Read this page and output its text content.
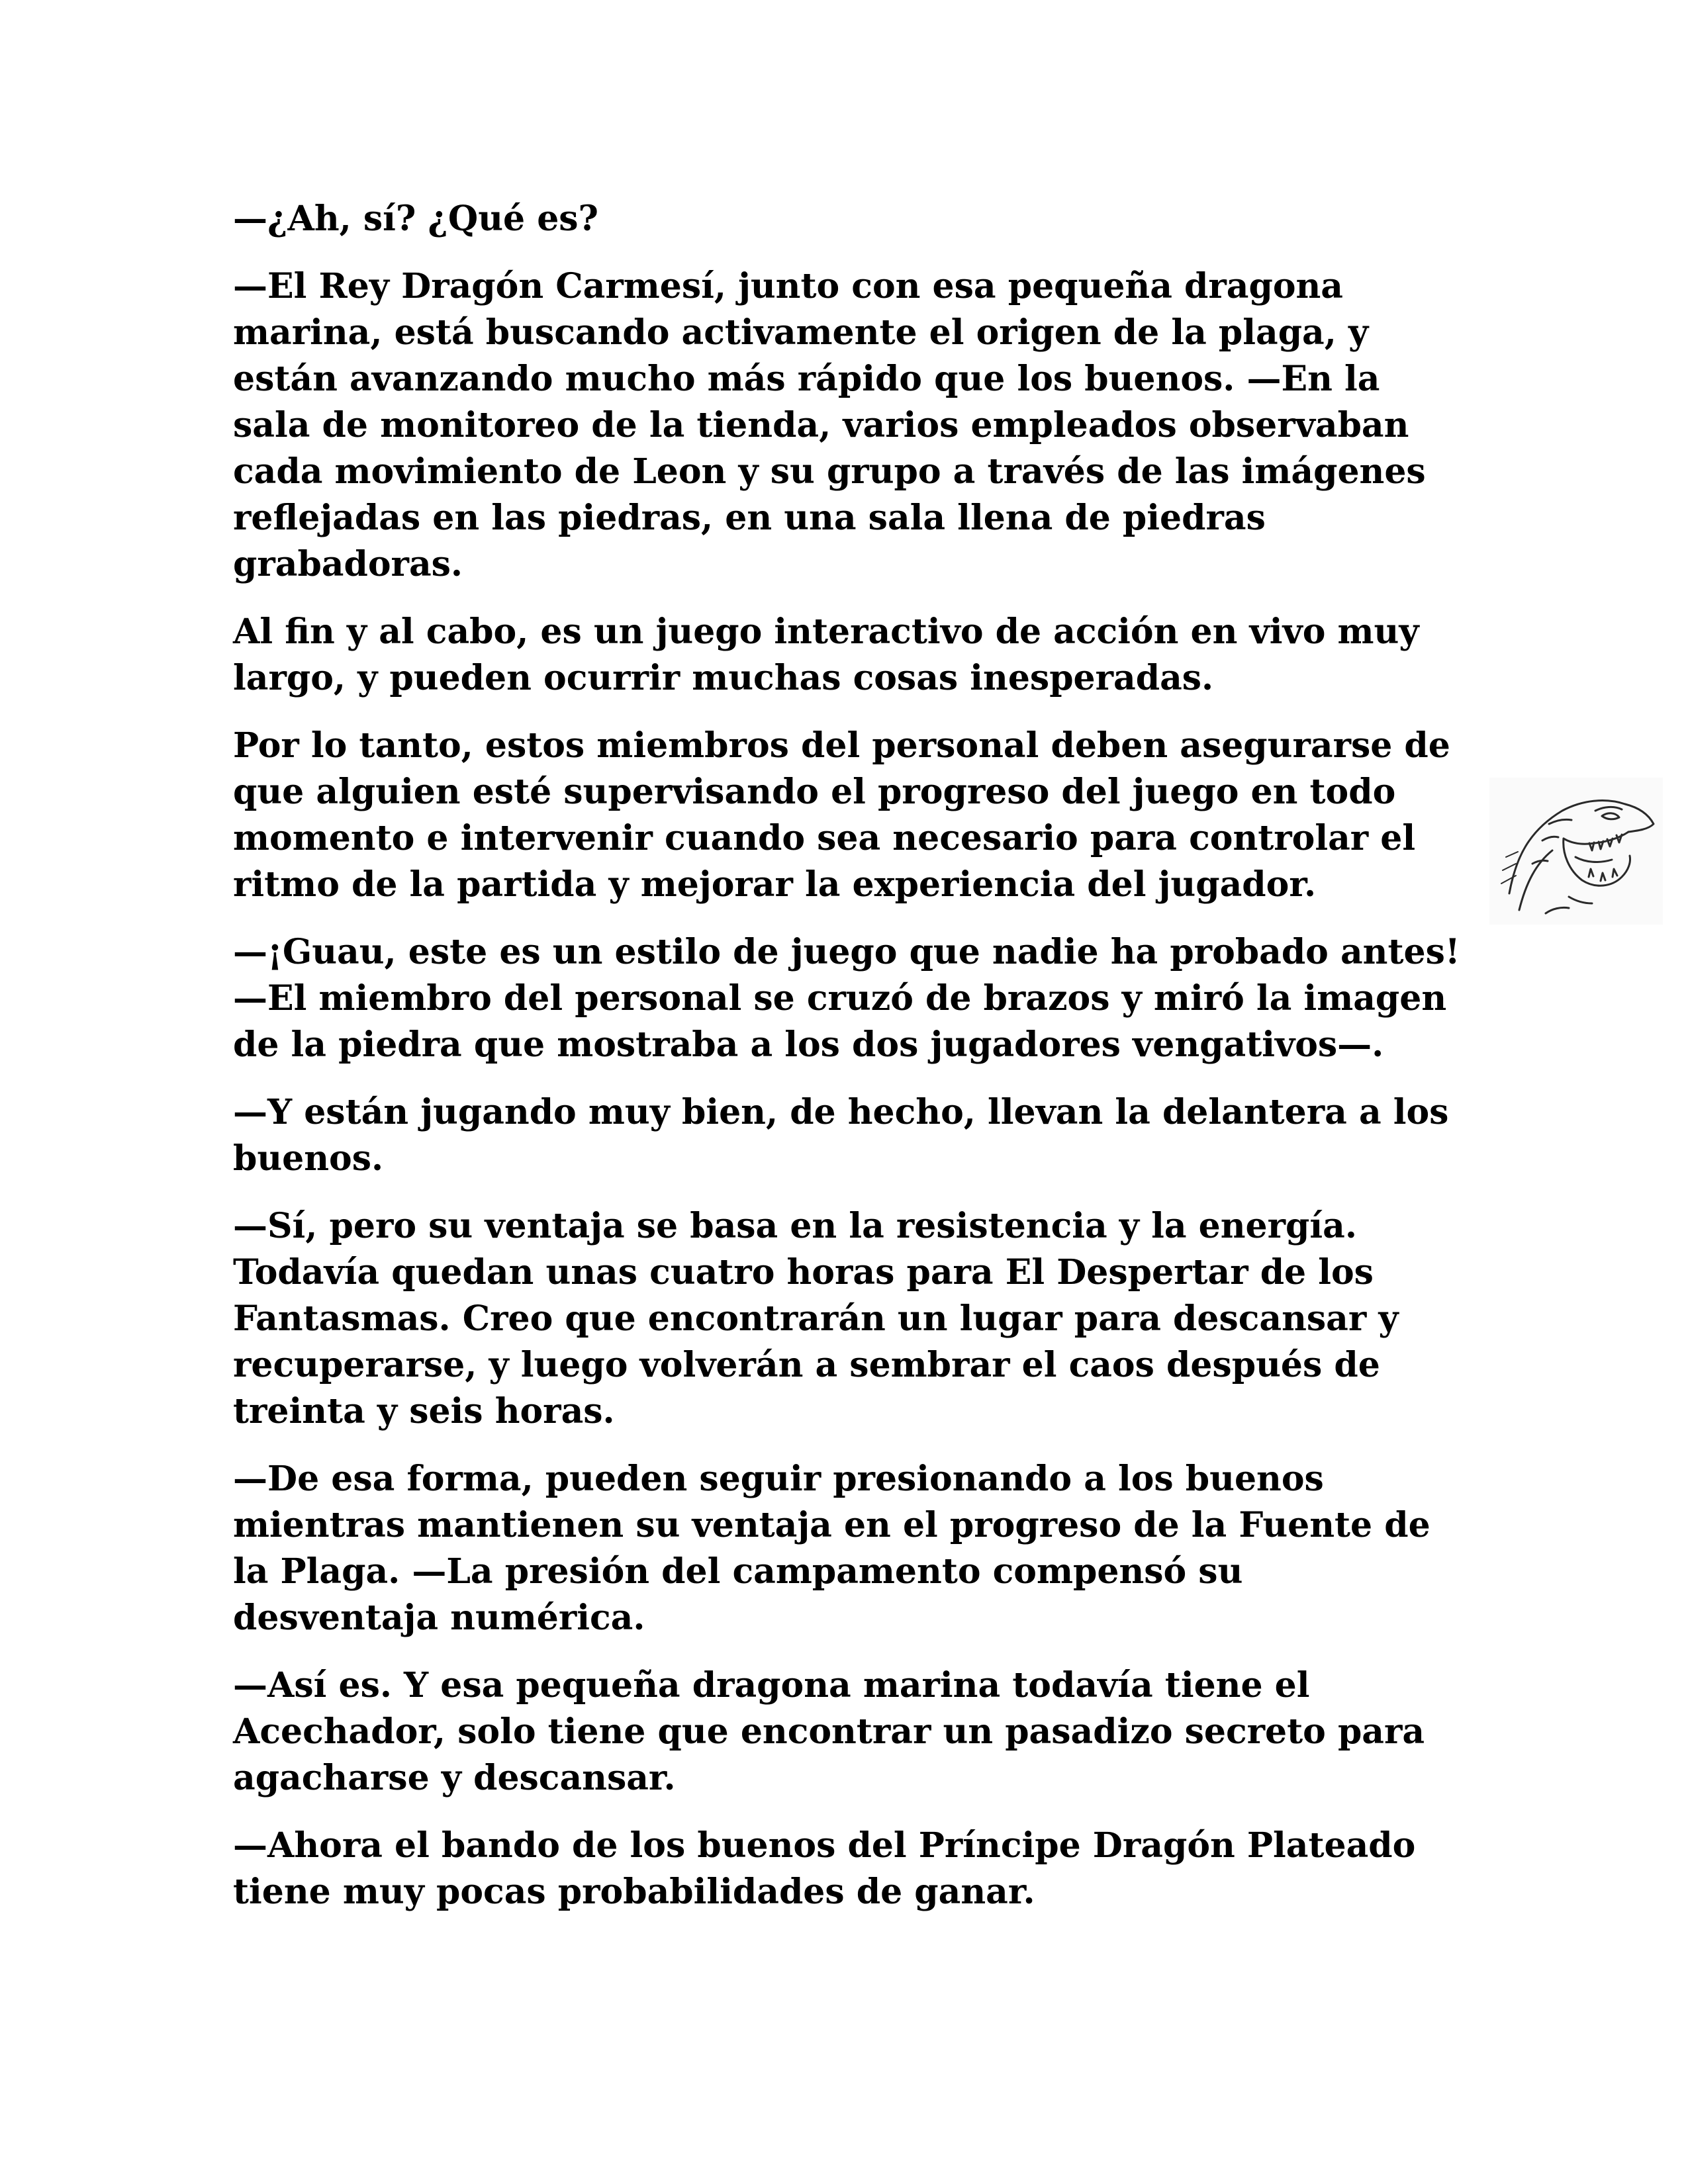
—¿Ah, sí? ¿Qué es?

—El Rey Dragón Carmesí, junto con esa pequeña dragona
marina, está buscando activamente el origen de la plaga, y
están avanzando mucho más rápido que los buenos. —En la
sala de monitoreo de la tienda, varios empleados observaban
cada movimiento de Leon y su grupo a través de las imágenes
reflejadas en las piedras, en una sala llena de piedras
grabadoras.

Al fin y al cabo, es un juego interactivo de acción en vivo muy
largo, y pueden ocurrir muchas cosas inesperadas.

Por lo tanto, estos miembros del personal deben asegurarse de
que alguien esté supervisando el progreso del juego en todo
momento e intervenir cuando sea necesario para controlar el
ritmo de la partida y mejorar la experiencia del jugador.

—¡Guau, este es un estilo de juego que nadie ha probado antes!
—El miembro del personal se cruzó de brazos y miró la imagen
de la piedra que mostraba a los dos jugadores vengativos—.

—Y están jugando muy bien, de hecho, llevan la delantera a los
buenos.

—Sí, pero su ventaja se basa en la resistencia y la energía.
Todavía quedan unas cuatro horas para El Despertar de los
Fantasmas. Creo que encontrarán un lugar para descansar y
recuperarse, y luego volverán a sembrar el caos después de
treinta y seis horas.

—De esa forma, pueden seguir presionando a los buenos
mientras mantienen su ventaja en el progreso de la Fuente de
la Plaga. —La presión del campamento compensó su
desventaja numérica.

—Así es. Y esa pequeña dragona marina todavía tiene el
Acechador, solo tiene que encontrar un pasadizo secreto para
agacharse y descansar.

—Ahora el bando de los buenos del Príncipe Dragón Plateado
tiene muy pocas probabilidades de ganar.
